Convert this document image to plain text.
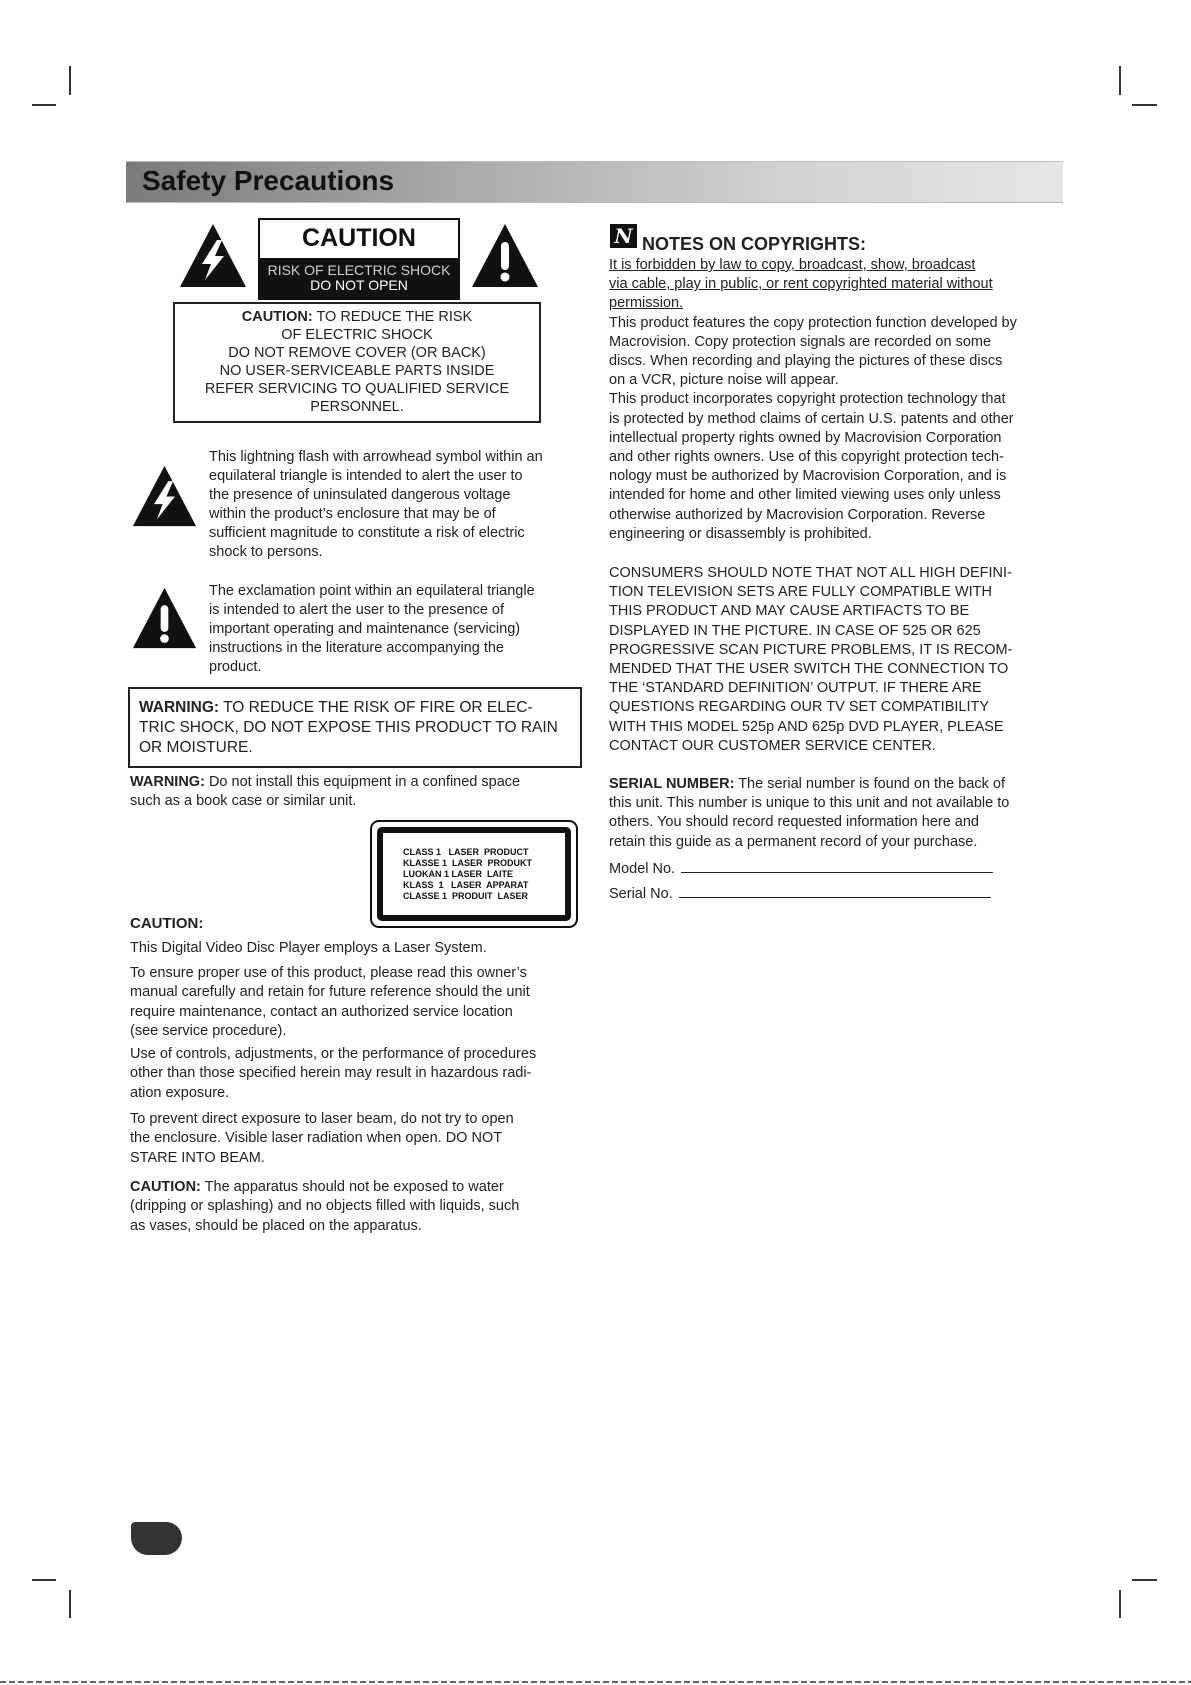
Safety Precautions
CAUTION
RISK OF ELECTRIC SHOCK
DO NOT OPEN
CAUTION: TO REDUCE THE RISK
OF ELECTRIC SHOCK
DO NOT REMOVE COVER (OR BACK)
NO USER-SERVICEABLE PARTS INSIDE
REFER SERVICING TO QUALIFIED SERVICE
PERSONNEL.
This lightning flash with arrowhead symbol within an
equilateral triangle is intended to alert the user to
the presence of uninsulated dangerous voltage
within the product’s enclosure that may be of
sufficient magnitude to constitute a risk of electric
shock to persons.
The exclamation point within an equilateral triangle
is intended to alert the user to the presence of
important operating and maintenance (servicing)
instructions in the literature accompanying the
product.
WARNING: TO REDUCE THE RISK OF FIRE OR ELEC-
TRIC SHOCK, DO NOT EXPOSE THIS PRODUCT TO RAIN
OR MOISTURE.
WARNING: Do not install this equipment in a confined space
such as a book case or similar unit.
CLASS 1   LASER  PRODUCT
KLASSE 1  LASER  PRODUKT
LUOKAN 1 LASER  LAITE
KLASS  1   LASER  APPARAT
CLASSE 1  PRODUIT  LASER
CAUTION:
This Digital Video Disc Player employs a Laser System.
To ensure proper use of this product, please read this owner’s
manual carefully and retain for future reference should the unit
require maintenance, contact an authorized service location
(see service procedure).
Use of controls, adjustments, or the performance of procedures
other than those specified herein may result in hazardous radi-
ation exposure.
To prevent direct exposure to laser beam, do not try to open
the enclosure. Visible laser radiation when open. DO NOT
STARE INTO BEAM.
CAUTION: The apparatus should not be exposed to water
(dripping or splashing) and no objects filled with liquids, such
as vases, should be placed on the apparatus.
N NOTES ON COPYRIGHTS:
It is forbidden by law to copy, broadcast, show, broadcast
via cable, play in public, or rent copyrighted material without
permission.
This product features the copy protection function developed by
Macrovision. Copy protection signals are recorded on some
discs. When recording and playing the pictures of these discs
on a VCR, picture noise will appear.
This product incorporates copyright protection technology that
is protected by method claims of certain U.S. patents and other
intellectual property rights owned by Macrovision Corporation
and other rights owners. Use of this copyright protection tech-
nology must be authorized by Macrovision Corporation, and is
intended for home and other limited viewing uses only unless
otherwise authorized by Macrovision Corporation. Reverse
engineering or disassembly is prohibited.
CONSUMERS SHOULD NOTE THAT NOT ALL HIGH DEFINI-
TION TELEVISION SETS ARE FULLY COMPATIBLE WITH
THIS PRODUCT AND MAY CAUSE ARTIFACTS TO BE
DISPLAYED IN THE PICTURE. IN CASE OF 525 OR 625
PROGRESSIVE SCAN PICTURE PROBLEMS, IT IS RECOM-
MENDED THAT THE USER SWITCH THE CONNECTION TO
THE ‘STANDARD DEFINITION’ OUTPUT. IF THERE ARE
QUESTIONS REGARDING OUR TV SET COMPATIBILITY
WITH THIS MODEL 525p AND 625p DVD PLAYER, PLEASE
CONTACT OUR CUSTOMER SERVICE CENTER.
SERIAL NUMBER: The serial number is found on the back of
this unit. This number is unique to this unit and not available to
others. You should record requested information here and
retain this guide as a permanent record of your purchase.
Model No.
Serial No.
